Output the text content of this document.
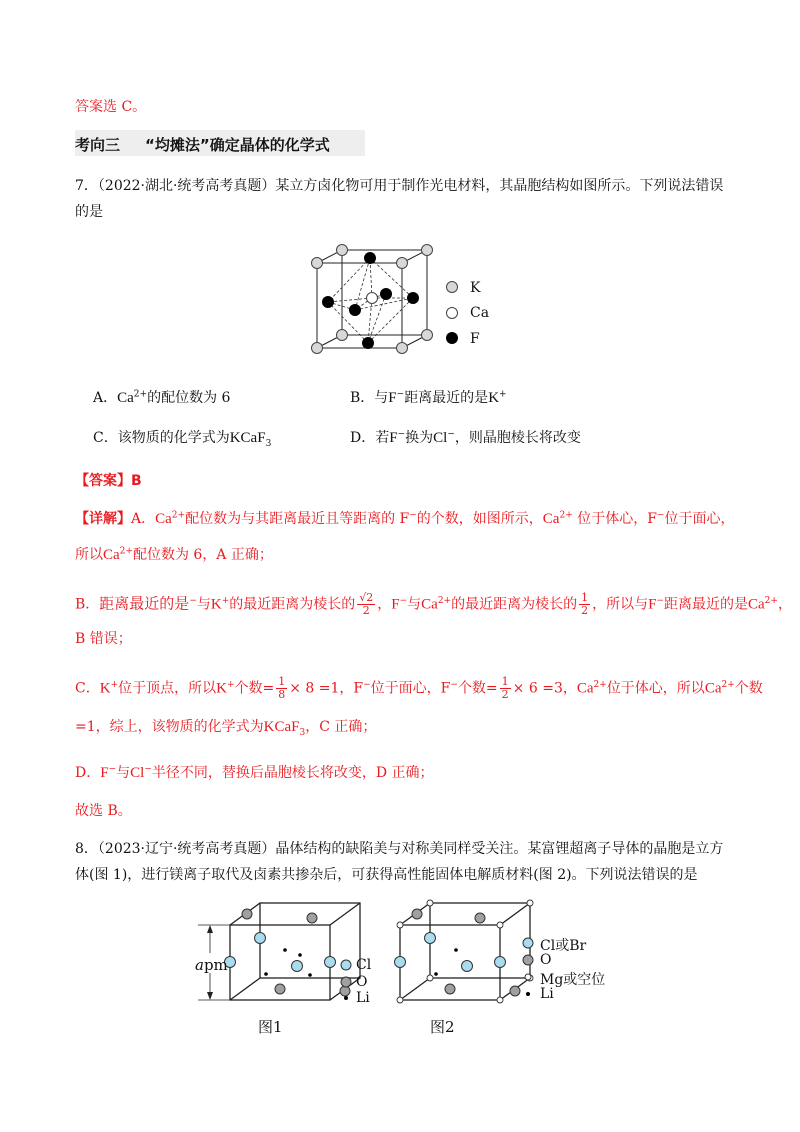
答案选 C。
考向三 “均摊法”确定晶体的化学式
7．（2022·湖北·统考高考真题）某立方卤化物可用于制作光电材料，其晶胞结构如图所示。下列说法错误
的是
K
Ca
F
A．$Ca^{2+}$的配位数为 6	B．与F−距离最近的是K+
C．该物质的化学式为KCaF$_3$	D．若F−换为Cl−，则晶胞棱长将改变
【答案】B
【详解】A．$Ca^{2+}$配位数为与其距离最近且等距离的 F−的个数，如图所示，$Ca^{2+}$ 位于体心，F−位于面心，
所以$Ca^{2+}$配位数为 6，A 正确；
B．距离最近的是−与K+的最近距离为棱长的 $\frac{√2}{2}$ ，F−与$Ca^{2+}$的最近距离为棱长的 $\frac{1}{2}$ ，所以与F−距离最近的是$Ca^{2+}$，
B 错误；
C．K+位于顶点，所以K+个数= $\frac{1}{8} \times 8 =1$，F−位于面心，F−个数= $\frac{1}{2} \times 6 =3$，$Ca^{2+}$位于体心，所以$Ca^{2+}$个数
=1，综上，该物质的化学式为KCaF$_3$，C 正确；
D．F−与Cl−半径不同，替换后晶胞棱长将改变，D 正确；
故选 B。
8．（2023·辽宁·统考高考真题）晶体结构的缺陷美与对称美同样受关注。某富锂超离子导体的晶胞是立方
体(图 1)，进行镁离子取代及卤素共掺杂后，可获得高性能固体电解质材料(图 2)。下列说法错误的是
apm	Cl
O
Li
图1
Cl或Br
O
Mg或空位
Li
图2
